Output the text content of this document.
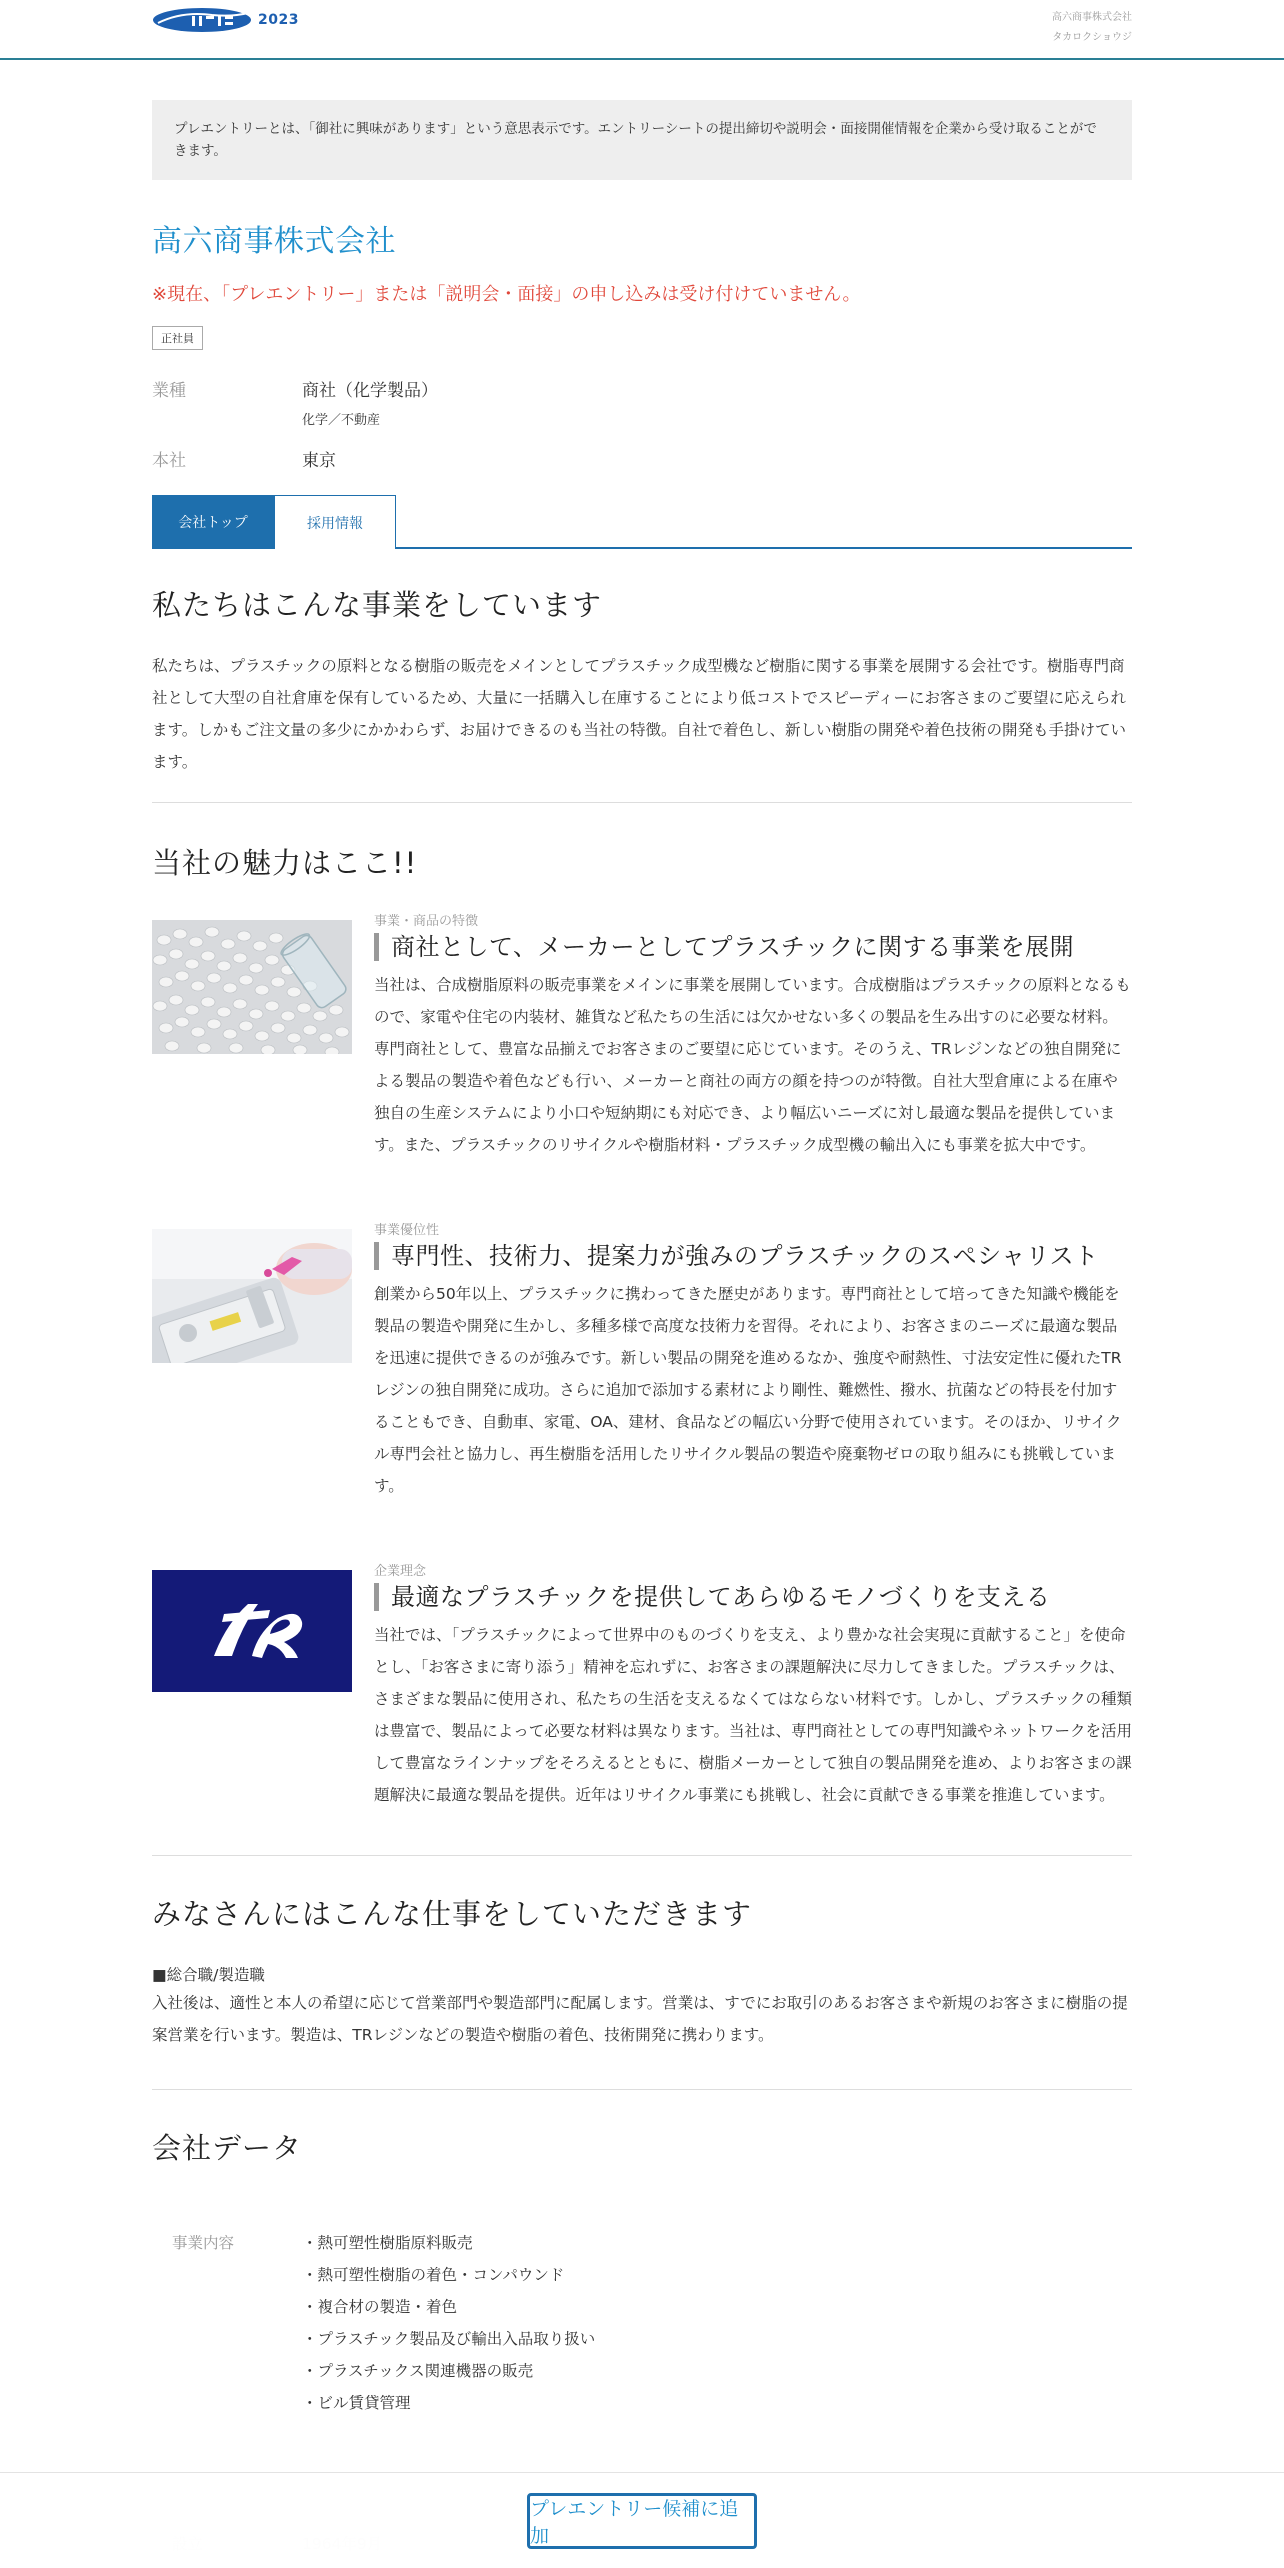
2023	高六商事株式会社
タカロクショウジ
プレエントリーとは、「御社に興味があります」という意思表示です。エントリーシートの提出締切や説明会・面接開催情報を企業から受け取ることができます。
高六商事株式会社
※現在、「プレエントリー」または「説明会・面接」の申し込みは受け付けていません。
正社員
業種	商社（化学製品）
化学／不動産
本社	東京
会社トップ	採用情報
私たちはこんな事業をしています

私たちは、プラスチックの原料となる樹脂の販売をメインとしてプラスチック成型機など樹脂に関する事業を展開する会社です。樹脂専門商社として大型の自社倉庫を保有しているため、大量に一括購入し在庫することにより低コストでスピーディーにお客さまのご要望に応えられます。しかもご注文量の多少にかかわらず、お届けできるのも当社の特徴。自社で着色し、新しい樹脂の開発や着色技術の開発も手掛けています。

当社の魅力はここ!!
事業・商品の特徴
商社として、メーカーとしてプラスチックに関する事業を展開

当社は、合成樹脂原料の販売事業をメインに事業を展開しています。合成樹脂はプラスチックの原料となるもので、家電や住宅の内装材、雑貨など私たちの生活には欠かせない多くの製品を生み出すのに必要な材料。専門商社として、豊富な品揃えでお客さまのご要望に応じています。そのうえ、TRレジンなどの独自開発による製品の製造や着色なども行い、メーカーと商社の両方の顔を持つのが特徴。自社大型倉庫による在庫や独自の生産システムにより小口や短納期にも対応でき、より幅広いニーズに対し最適な製品を提供しています。また、プラスチックのリサイクルや樹脂材料・プラスチック成型機の輸出入にも事業を拡大中です。

事業優位性
専門性、技術力、提案力が強みのプラスチックのスペシャリスト

創業から50年以上、プラスチックに携わってきた歴史があります。専門商社として培ってきた知識や機能を製品の製造や開発に生かし、多種多様で高度な技術力を習得。それにより、お客さまのニーズに最適な製品を迅速に提供できるのが強みです。新しい製品の開発を進めるなか、強度や耐熱性、寸法安定性に優れたTRレジンの独自開発に成功。さらに追加で添加する素材により剛性、難燃性、撥水、抗菌などの特長を付加することもでき、自動車、家電、OA、建材、食品などの幅広い分野で使用されています。そのほか、リサイクル専門会社と協力し、再生樹脂を活用したリサイクル製品の製造や廃棄物ゼロの取り組みにも挑戦しています。

企業理念
最適なプラスチックを提供してあらゆるモノづくりを支える

当社では、「プラスチックによって世界中のものづくりを支え、より豊かな社会実現に貢献すること」を使命とし、「お客さまに寄り添う」精神を忘れずに、お客さまの課題解決に尽力してきました。プラスチックは、さまざまな製品に使用され、私たちの生活を支えるなくてはならない材料です。しかし、プラスチックの種類は豊富で、製品によって必要な材料は異なります。当社は、専門商社としての専門知識やネットワークを活用して豊富なラインナップをそろえるとともに、樹脂メーカーとして独自の製品開発を進め、よりお客さまの課題解決に最適な製品を提供。近年はリサイクル事業にも挑戦し、社会に貢献できる事業を推進しています。

みなさんにはこんな仕事をしていただきます
■総合職/製造職

入社後は、適性と本人の希望に応じて営業部門や製造部門に配属します。営業は、すでにお取引のあるお客さまや新規のお客さまに樹脂の提案営業を行います。製造は、TRレジンなどの製造や樹脂の着色、技術開発に携わります。

会社データ
事業内容	・熱可塑性樹脂原料販売
・熱可塑性樹脂の着色・コンパウンド
・複合材の製造・着色
・プラスチック製品及び輸出入品取り扱い
・プラスチックス関連機器の販売
・ビル賃貸管理
プレエントリー候補に追加
